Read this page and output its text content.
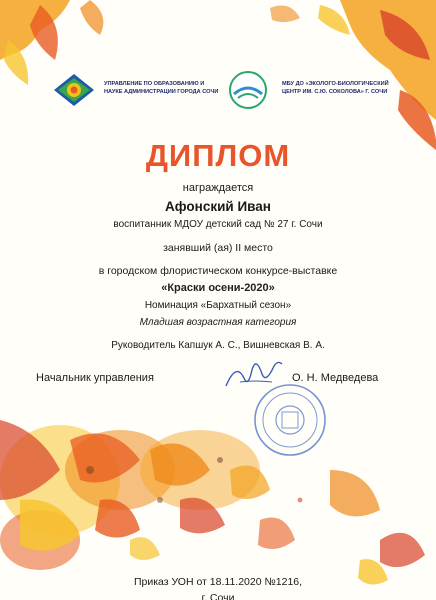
УПРАВЛЕНИЕ ПО ОБРАЗОВАНИЮ И НАУКЕ АДМИНИСТРАЦИИ ГОРОДА СОЧИ
МБУ ДО «ЭКОЛОГО-БИОЛОГИЧЕСКИЙ ЦЕНТР ИМ. С.Ю. СОКОЛОВА» Г. СОЧИ
ДИПЛОМ
награждается
Афонский Иван
воспитанник МДОУ детский сад № 27 г. Сочи
занявший (ая) II место
в городском флористическом конкурсе-выставке
«Краски осени-2020»
Номинация «Бархатный сезон»
Младшая возрастная категория
Руководитель Капшук А. С., Вишневская В. А.
Начальник управления	О. Н. Медведева
Приказ УОН от 18.11.2020 №1216,
г. Сочи
